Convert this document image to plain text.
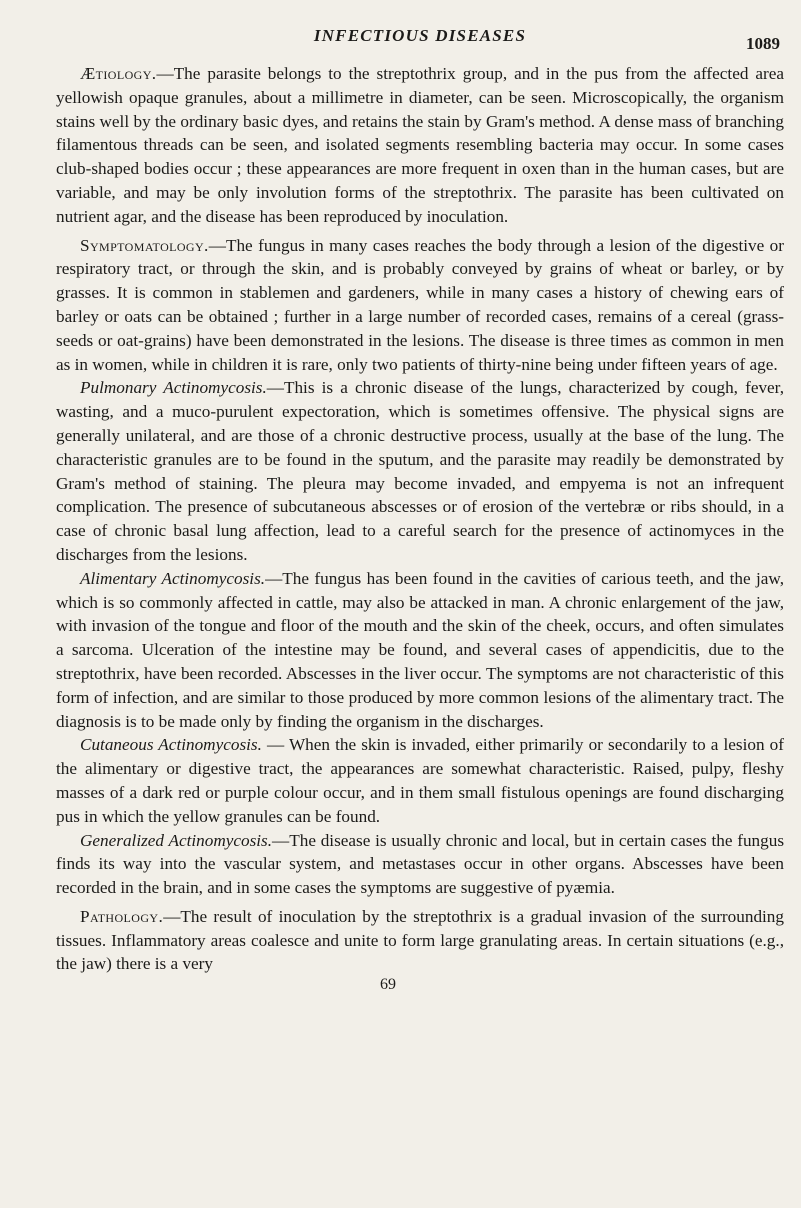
INFECTIOUS DISEASES	1089

Ætiology.—The parasite belongs to the streptothrix group, and in the pus from the affected area yellowish opaque granules, about a millimetre in diameter, can be seen. Microscopically, the organism stains well by the ordinary basic dyes, and retains the stain by Gram's method. A dense mass of branching filamentous threads can be seen, and isolated segments resembling bacteria may occur. In some cases club-shaped bodies occur ; these appearances are more frequent in oxen than in the human cases, but are variable, and may be only involution forms of the streptothrix. The parasite has been cultivated on nutrient agar, and the disease has been reproduced by inoculation.

Symptomatology.—The fungus in many cases reaches the body through a lesion of the digestive or respiratory tract, or through the skin, and is probably conveyed by grains of wheat or barley, or by grasses. It is common in stablemen and gardeners, while in many cases a history of chewing ears of barley or oats can be obtained ; further in a large number of recorded cases, remains of a cereal (grass-seeds or oat-grains) have been demonstrated in the lesions. The disease is three times as common in men as in women, while in children it is rare, only two patients of thirty-nine being under fifteen years of age.

Pulmonary Actinomycosis.—This is a chronic disease of the lungs, characterized by cough, fever, wasting, and a muco-purulent expectoration, which is sometimes offensive. The physical signs are generally unilateral, and are those of a chronic destructive process, usually at the base of the lung. The characteristic granules are to be found in the sputum, and the parasite may readily be demonstrated by Gram's method of staining. The pleura may become invaded, and empyema is not an infrequent complication. The presence of subcutaneous abscesses or of erosion of the vertebræ or ribs should, in a case of chronic basal lung affection, lead to a careful search for the presence of actinomyces in the discharges from the lesions.

Alimentary Actinomycosis.—The fungus has been found in the cavities of carious teeth, and the jaw, which is so commonly affected in cattle, may also be attacked in man. A chronic enlargement of the jaw, with invasion of the tongue and floor of the mouth and the skin of the cheek, occurs, and often simulates a sarcoma. Ulceration of the intestine may be found, and several cases of appendicitis, due to the streptothrix, have been recorded. Abscesses in the liver occur. The symptoms are not characteristic of this form of infection, and are similar to those produced by more common lesions of the alimentary tract. The diagnosis is to be made only by finding the organism in the discharges.

Cutaneous Actinomycosis. — When the skin is invaded, either primarily or secondarily to a lesion of the alimentary or digestive tract, the appearances are somewhat characteristic. Raised, pulpy, fleshy masses of a dark red or purple colour occur, and in them small fistulous openings are found discharging pus in which the yellow granules can be found.

Generalized Actinomycosis.—The disease is usually chronic and local, but in certain cases the fungus finds its way into the vascular system, and metastases occur in other organs. Abscesses have been recorded in the brain, and in some cases the symptoms are suggestive of pyæmia.

Pathology.—The result of inoculation by the streptothrix is a gradual invasion of the surrounding tissues. Inflammatory areas coalesce and unite to form large granulating areas. In certain situations (e.g., the jaw) there is a very

69
